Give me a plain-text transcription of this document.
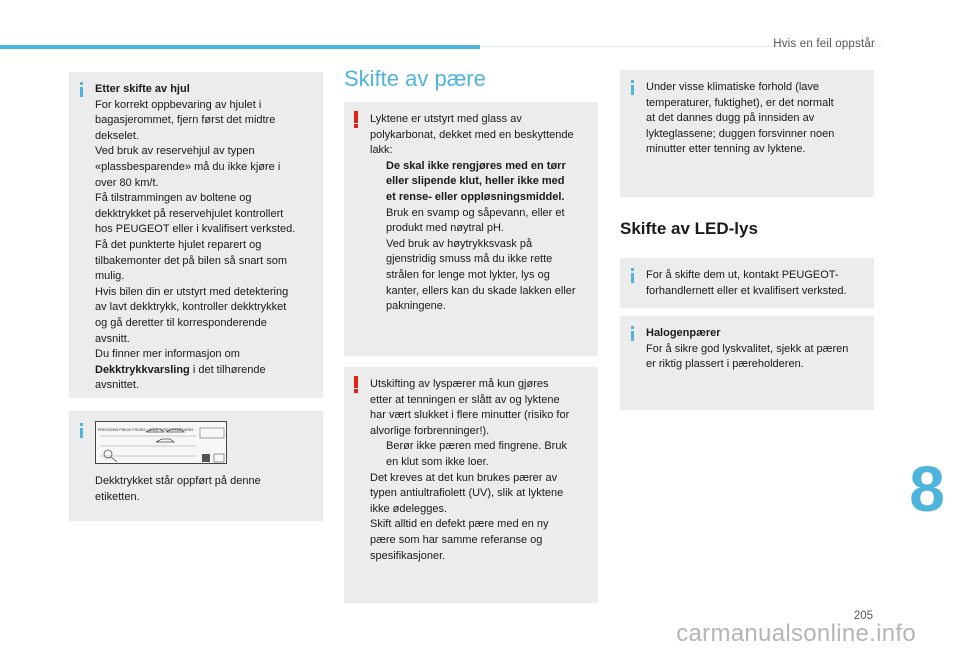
Hvis en feil oppstår
Etter skifte av hjul
For korrekt oppbevaring av hjulet i
bagasjerommet, fjern først det midtre
dekselet.
Ved bruk av reservehjul av typen
«plassbesparende» må du ikke kjøre i
over 80 km/t.
Få tilstrammingen av boltene og
dekktrykket på reservehjulet kontrollert
hos PEUGEOT eller i kvalifisert verksted.
Få det punkterte hjulet reparert og
tilbakemonter det på bilen så snart som
mulig.
Hvis bilen din er utstyrt med detektering
av lavt dekktrykk, kontroller dekktrykket
og gå deretter til korresponderende
avsnitt.
Du finner mer informasjon om
Dekktrykkvarsling i det tilhørende
avsnittet.
PRESSIONS PNEUS FROIDS / COLD TYRES PRESSURES
Dekktrykket står oppført på denne
etiketten.
Skifte av pære
Lyktene er utstyrt med glass av
polykarbonat, dekket med en beskyttende
lakk:
De skal ikke rengjøres med en tørr
eller slipende klut, heller ikke med
et rense- eller oppløsningsmiddel.
Bruk en svamp og såpevann, eller et
produkt med nøytral pH.
Ved bruk av høytrykksvask på
gjenstridig smuss må du ikke rette
strålen for lenge mot lykter, lys og
kanter, ellers kan du skade lakken eller
pakningene.
Utskifting av lyspærer må kun gjøres
etter at tenningen er slått av og lyktene
har vært slukket i flere minutter (risiko for
alvorlige forbrenninger!).
Berør ikke pæren med fingrene. Bruk
en klut som ikke loer.
Det kreves at det kun brukes pærer av
typen antiultrafiolett (UV), slik at lyktene
ikke ødelegges.
Skift alltid en defekt pære med en ny
pære som har samme referanse og
spesifikasjoner.
Under visse klimatiske forhold (lave
temperaturer, fuktighet), er det normalt
at det dannes dugg på innsiden av
lykteglassene; duggen forsvinner noen
minutter etter tenning av lyktene.
Skifte av LED-lys
For å skifte dem ut, kontakt PEUGEOT-
forhandlernett eller et kvalifisert verksted.
Halogenpærer
For å sikre god lyskvalitet, sjekk at pæren
er riktig plassert i pæreholderen.
8
205
carmanualsonline.info
